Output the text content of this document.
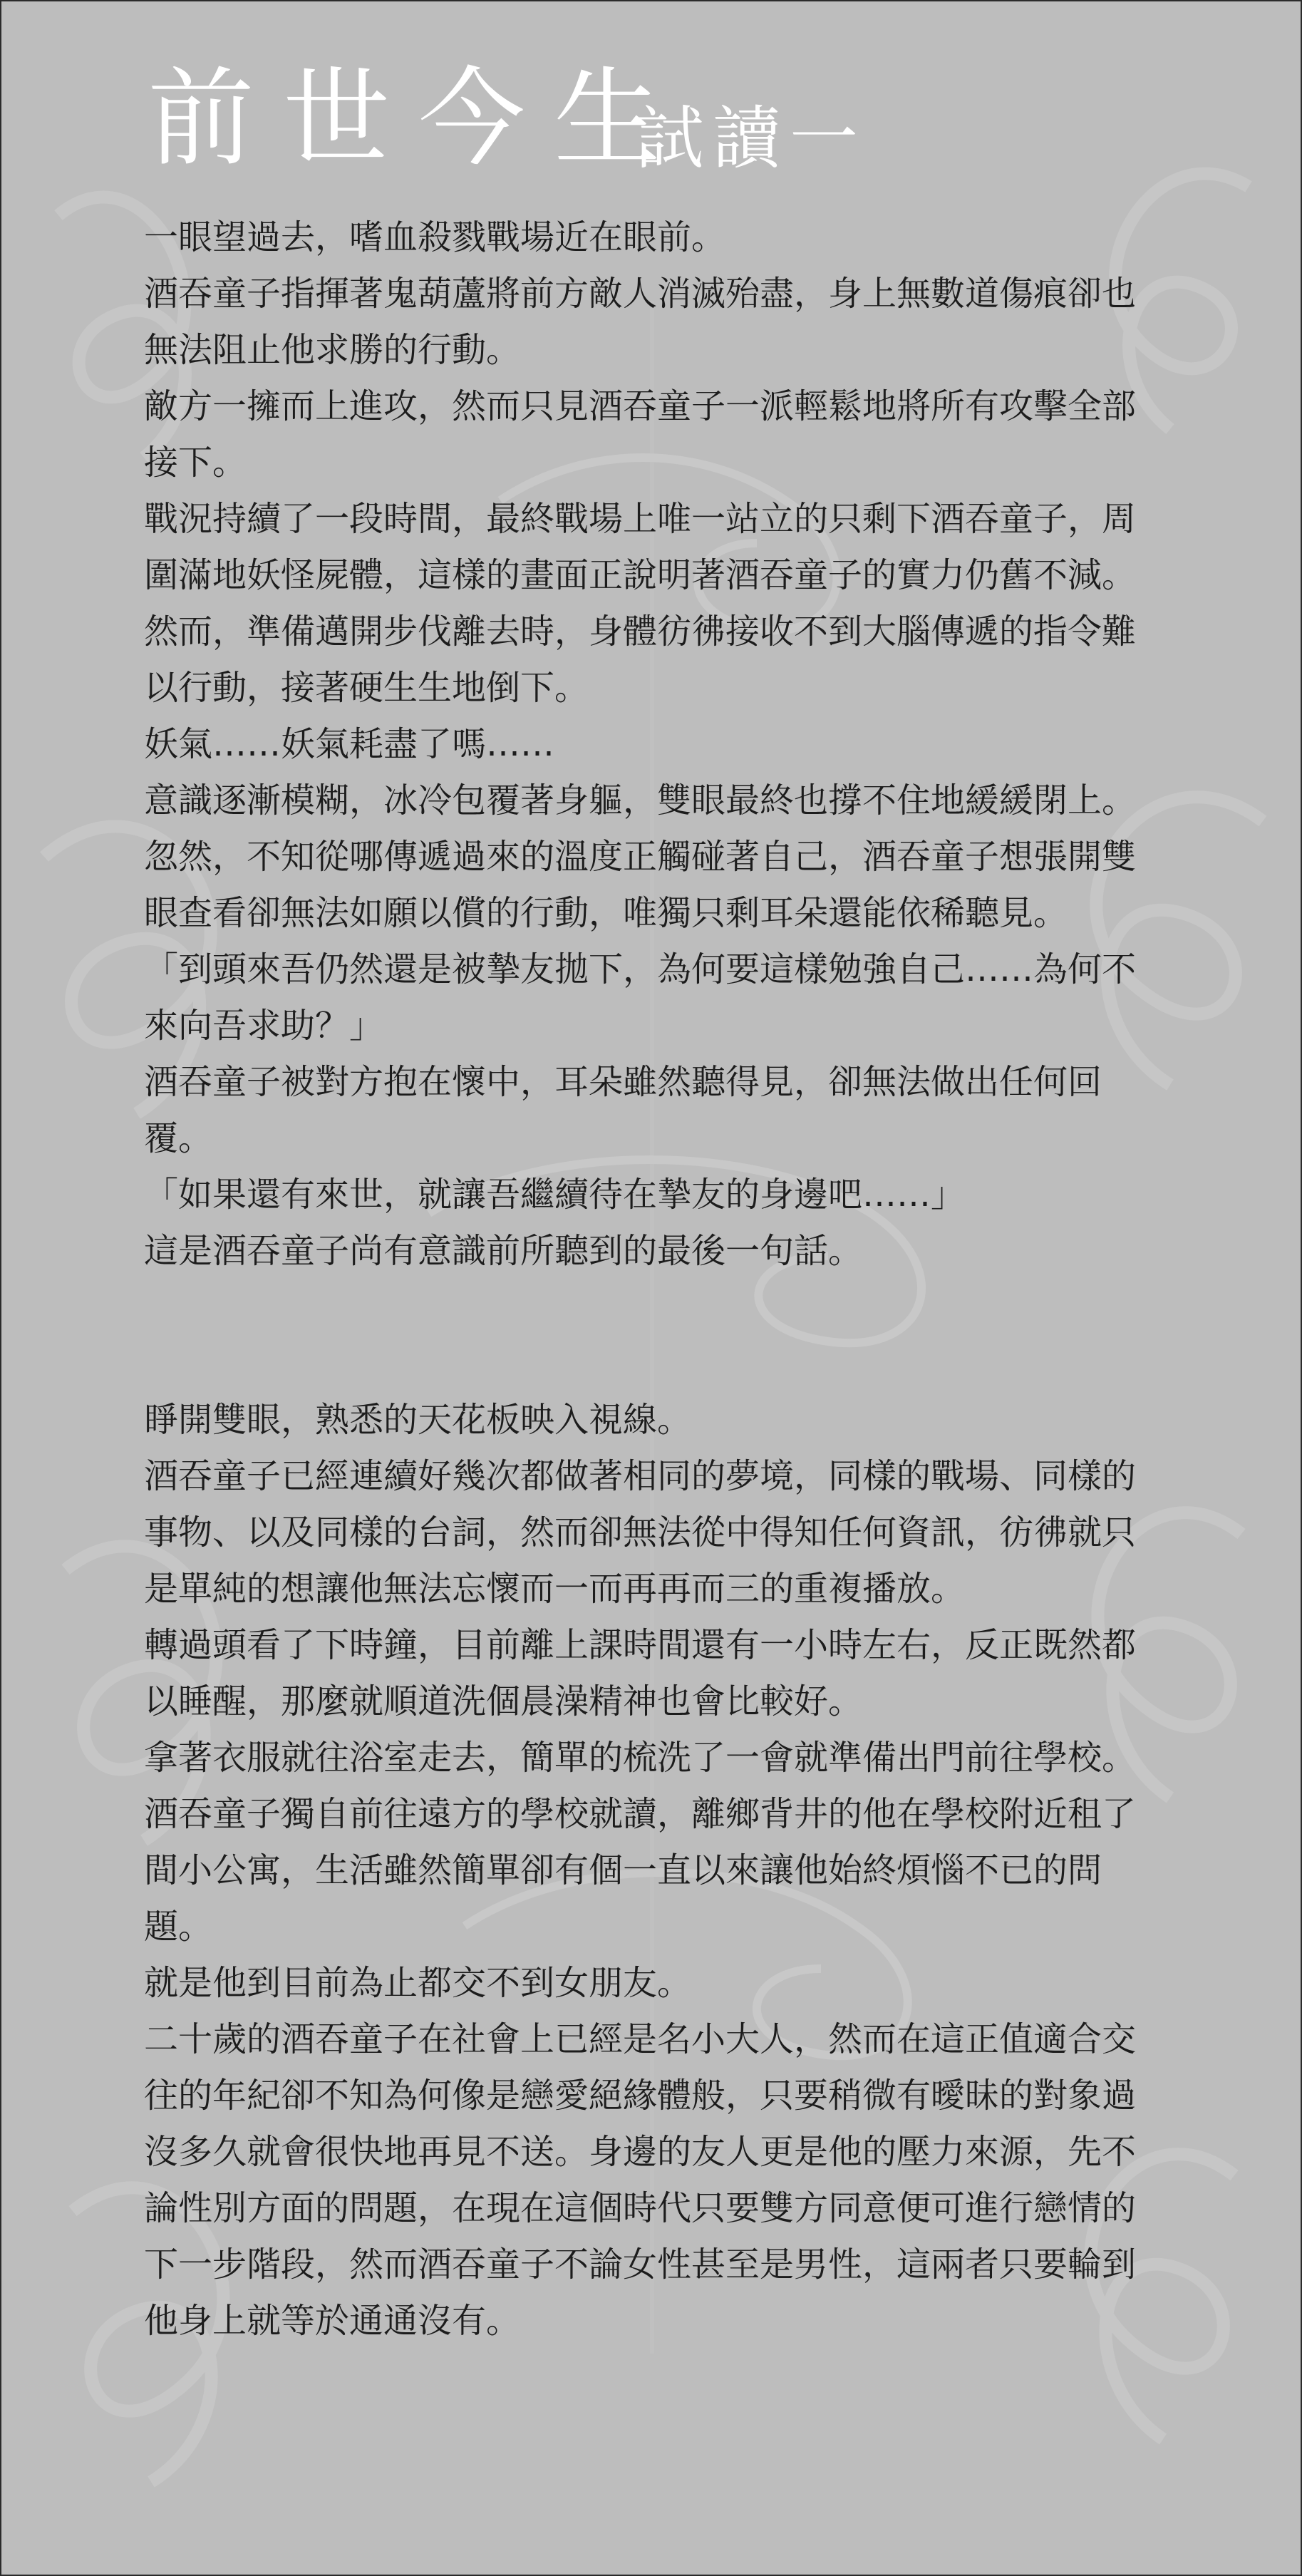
前世今生
試讀一

一眼望過去，嗜血殺戮戰場近在眼前。

酒吞童子指揮著鬼葫蘆將前方敵人消滅殆盡，身上無數道傷痕卻也無法阻止他求勝的行動。

敵方一擁而上進攻，然而只見酒吞童子一派輕鬆地將所有攻擊全部接下。

戰況持續了一段時間，最終戰場上唯一站立的只剩下酒吞童子，周圍滿地妖怪屍體，這樣的畫面正說明著酒吞童子的實力仍舊不減。

然而，準備邁開步伐離去時，身體彷彿接收不到大腦傳遞的指令難以行動，接著硬生生地倒下。

妖氣……妖氣耗盡了嗎……

意識逐漸模糊，冰冷包覆著身軀，雙眼最終也撐不住地緩緩閉上。

忽然，不知從哪傳遞過來的溫度正觸碰著自己，酒吞童子想張開雙眼查看卻無法如願以償的行動，唯獨只剩耳朵還能依稀聽見。

「到頭來吾仍然還是被摯友拋下，為何要這樣勉強自己……為何不來向吾求助？」

酒吞童子被對方抱在懷中，耳朵雖然聽得見，卻無法做出任何回覆。

「如果還有來世，就讓吾繼續待在摯友的身邊吧……」

這是酒吞童子尚有意識前所聽到的最後一句話。

睜開雙眼，熟悉的天花板映入視線。

酒吞童子已經連續好幾次都做著相同的夢境，同樣的戰場、同樣的事物、以及同樣的台詞，然而卻無法從中得知任何資訊，彷彿就只是單純的想讓他無法忘懷而一而再再而三的重複播放。

轉過頭看了下時鐘，目前離上課時間還有一小時左右，反正既然都以睡醒，那麼就順道洗個晨澡精神也會比較好。

拿著衣服就往浴室走去，簡單的梳洗了一會就準備出門前往學校。

酒吞童子獨自前往遠方的學校就讀，離鄉背井的他在學校附近租了間小公寓，生活雖然簡單卻有個一直以來讓他始終煩惱不已的問題。

就是他到目前為止都交不到女朋友。

二十歲的酒吞童子在社會上已經是名小大人，然而在這正值適合交往的年紀卻不知為何像是戀愛絕緣體般，只要稍微有曖昧的對象過沒多久就會很快地再見不送。身邊的友人更是他的壓力來源，先不論性別方面的問題，在現在這個時代只要雙方同意便可進行戀情的下一步階段，然而酒吞童子不論女性甚至是男性，這兩者只要輪到他身上就等於通通沒有。
